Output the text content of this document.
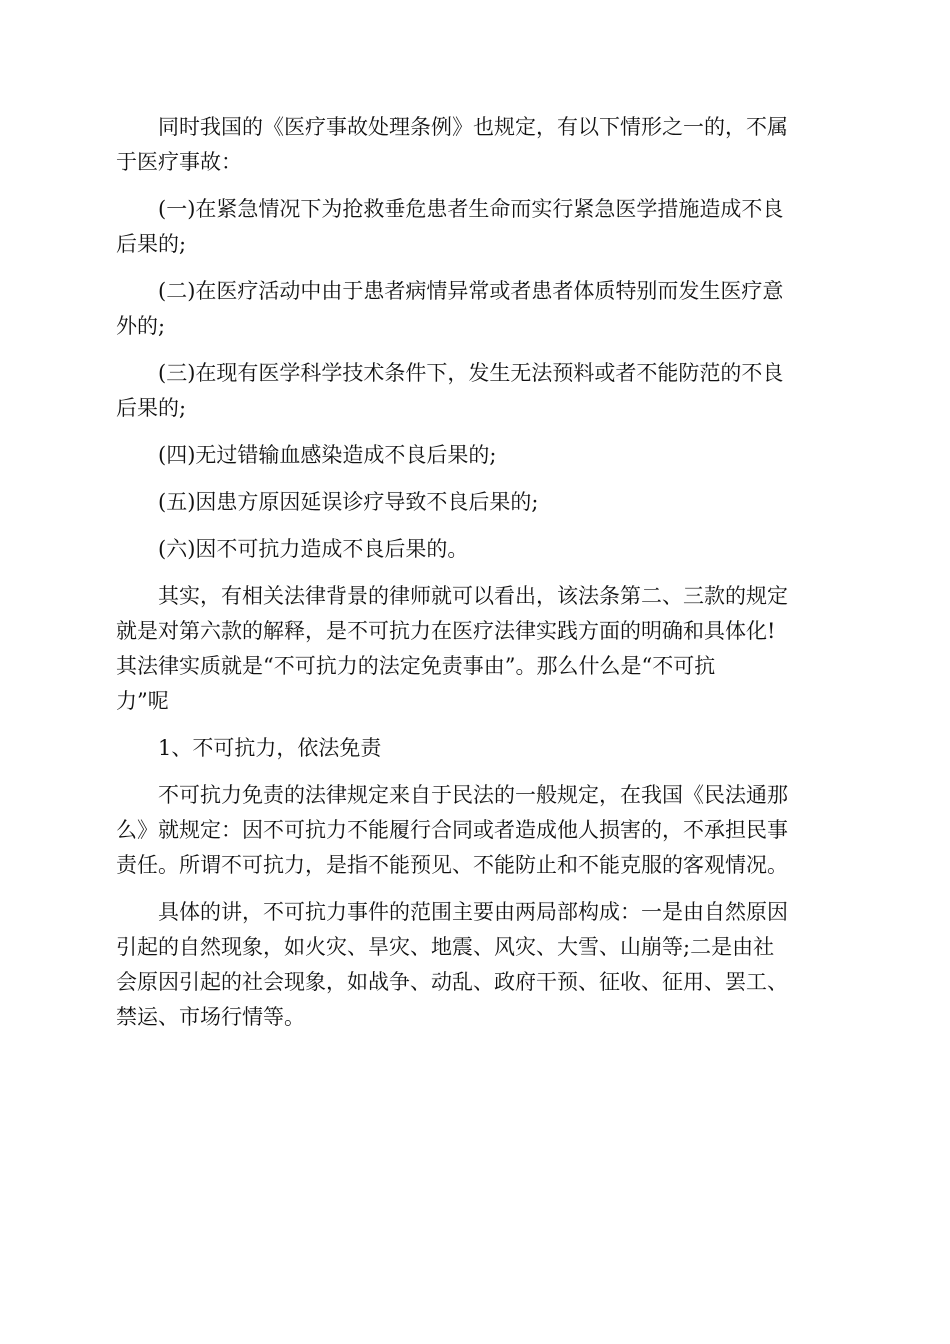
同时我国的《医疗事故处理条例》也规定，有以下情形之一的，不属
于医疗事故：
(一)在紧急情况下为抢救垂危患者生命而实行紧急医学措施造成不良
后果的;
(二)在医疗活动中由于患者病情异常或者患者体质特别而发生医疗意
外的;
(三)在现有医学科学技术条件下，发生无法预料或者不能防范的不良
后果的;
(四)无过错输血感染造成不良后果的;
(五)因患方原因延误诊疗导致不良后果的;
(六)因不可抗力造成不良后果的。
其实，有相关法律背景的律师就可以看出，该法条第二、三款的规定
就是对第六款的解释，是不可抗力在医疗法律实践方面的明确和具体化!
其法律实质就是“不可抗力的法定免责事由”。那么什么是“不可抗
力”呢
1、不可抗力，依法免责
不可抗力免责的法律规定来自于民法的一般规定，在我国《民法通那
么》就规定：因不可抗力不能履行合同或者造成他人损害的，不承担民事
责任。所谓不可抗力，是指不能预见、不能防止和不能克服的客观情况。
具体的讲，不可抗力事件的范围主要由两局部构成：一是由自然原因
引起的自然现象，如火灾、旱灾、地震、风灾、大雪、山崩等;二是由社
会原因引起的社会现象，如战争、动乱、政府干预、征收、征用、罢工、
禁运、市场行情等。
